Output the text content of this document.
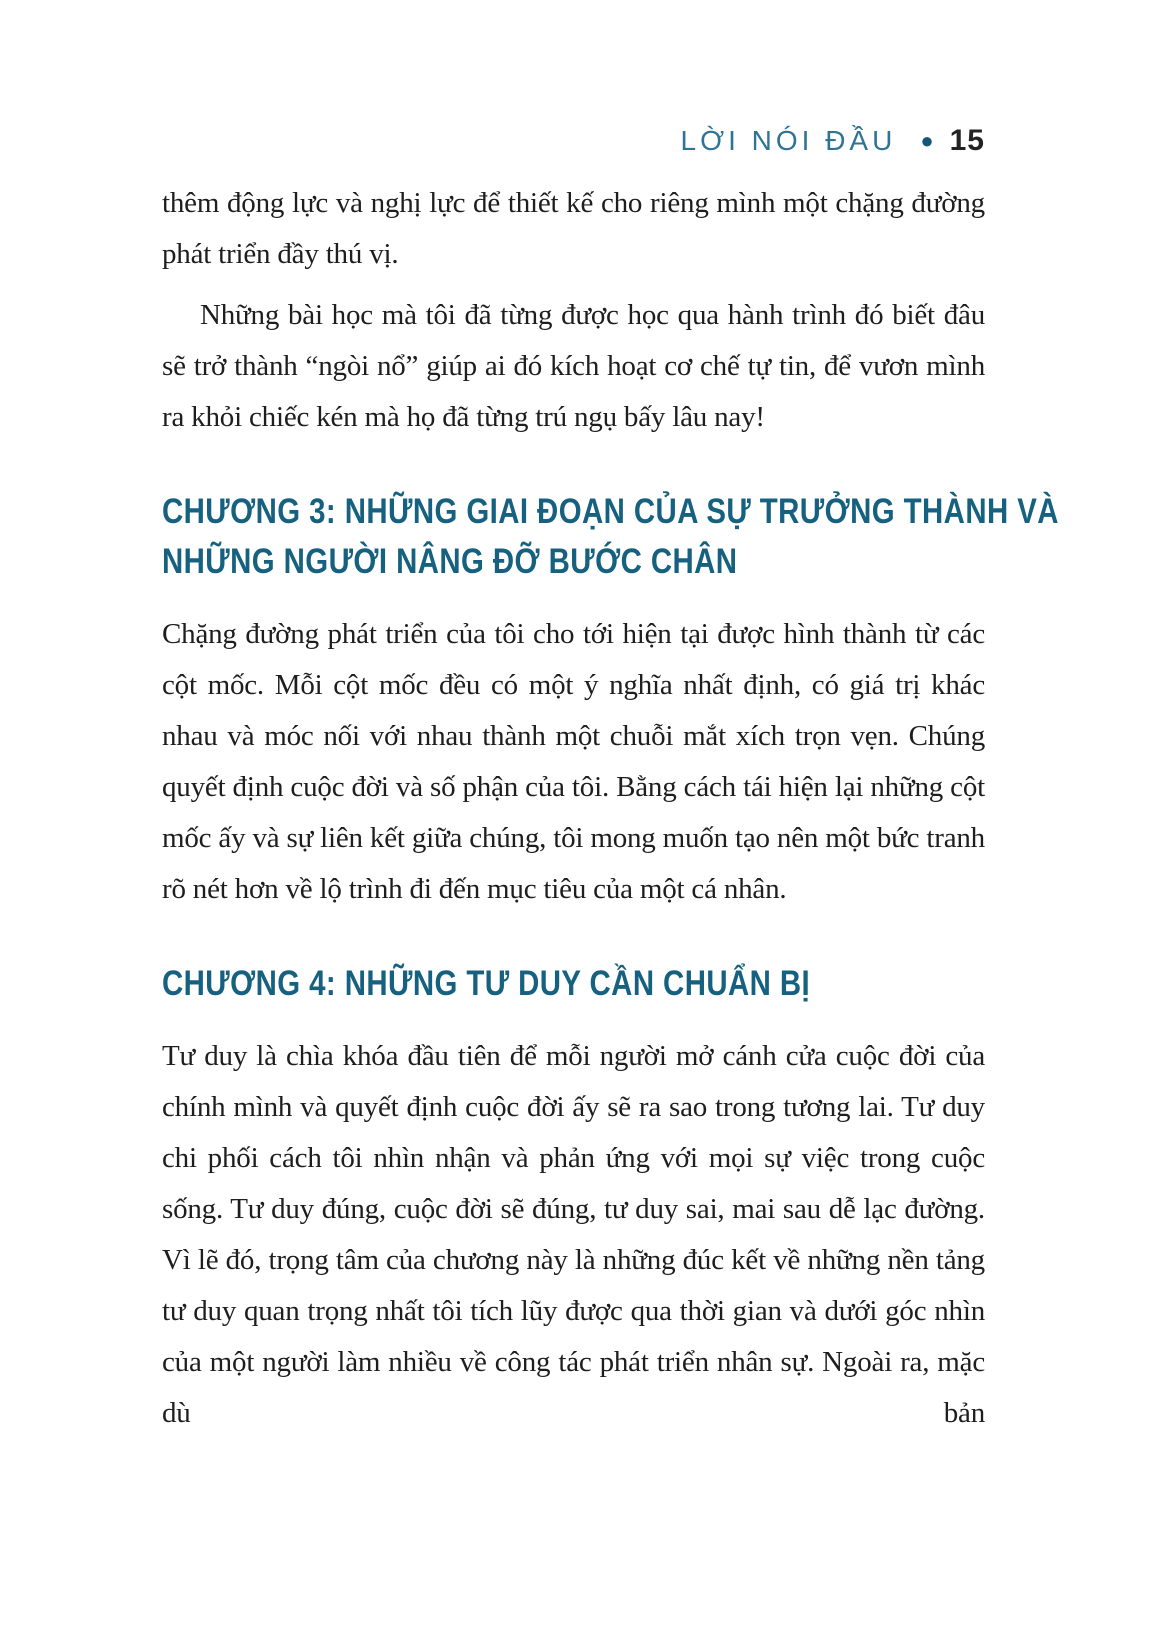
LỜI NÓI ĐẦU ● 15

thêm động lực và nghị lực để thiết kế cho riêng mình một chặng đường phát triển đầy thú vị.

Những bài học mà tôi đã từng được học qua hành trình đó biết đâu sẽ trở thành “ngòi nổ” giúp ai đó kích hoạt cơ chế tự tin, để vươn mình ra khỏi chiếc kén mà họ đã từng trú ngụ bấy lâu nay!

CHƯƠNG 3: NHỮNG GIAI ĐOẠN CỦA SỰ TRƯỞNG THÀNH VÀ
NHỮNG NGƯỜI NÂNG ĐỠ BƯỚC CHÂN

Chặng đường phát triển của tôi cho tới hiện tại được hình thành từ các cột mốc. Mỗi cột mốc đều có một ý nghĩa nhất định, có giá trị khác nhau và móc nối với nhau thành một chuỗi mắt xích trọn vẹn. Chúng quyết định cuộc đời và số phận của tôi. Bằng cách tái hiện lại những cột mốc ấy và sự liên kết giữa chúng, tôi mong muốn tạo nên một bức tranh rõ nét hơn về lộ trình đi đến mục tiêu của một cá nhân.

CHƯƠNG 4: NHỮNG TƯ DUY CẦN CHUẨN BỊ

Tư duy là chìa khóa đầu tiên để mỗi người mở cánh cửa cuộc đời của chính mình và quyết định cuộc đời ấy sẽ ra sao trong tương lai. Tư duy chi phối cách tôi nhìn nhận và phản ứng với mọi sự việc trong cuộc sống. Tư duy đúng, cuộc đời sẽ đúng, tư duy sai, mai sau dễ lạc đường. Vì lẽ đó, trọng tâm của chương này là những đúc kết về những nền tảng tư duy quan trọng nhất tôi tích lũy được qua thời gian và dưới góc nhìn của một người làm nhiều về công tác phát triển nhân sự. Ngoài ra, mặc dù bản
